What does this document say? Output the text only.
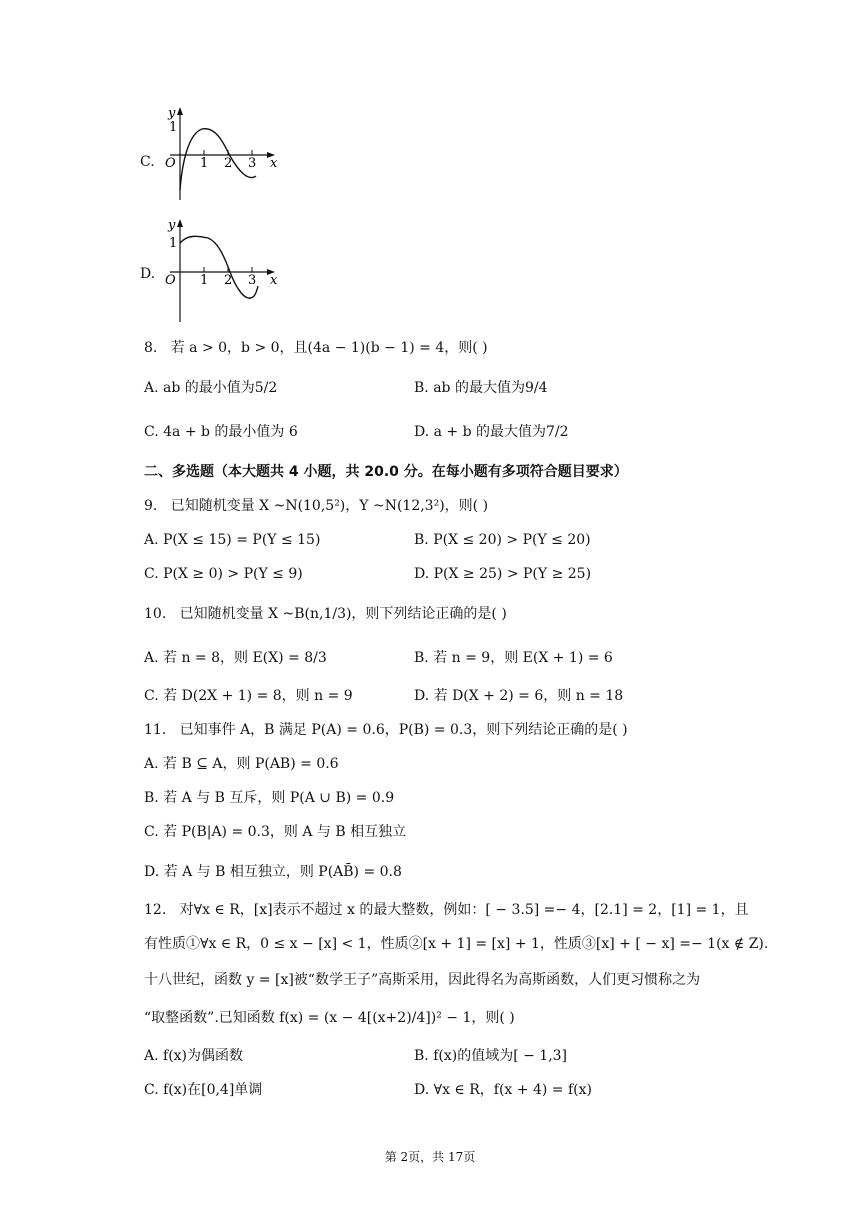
C.
y
1
O 1 2 3 x
D.
y
1
O 1 2 3 x
8. 若 a > 0，b > 0，且(4a − 1)(b − 1) = 4，则( )
A. ab 的最小值为5/2	B. ab 的最大值为9/4
C. 4a + b 的最小值为 6	D. a + b 的最大值为7/2
二、多选题（本大题共 4 小题，共 20.0 分。在每小题有多项符合题目要求）
9. 已知随机变量 X ~N(10,5²)，Y ~N(12,3²)，则( )
A. P(X ≤ 15) = P(Y ≤ 15)	B. P(X ≤ 20) > P(Y ≤ 20)
C. P(X ≥ 0) > P(Y ≤ 9)	D. P(X ≥ 25) > P(Y ≥ 25)
10. 已知随机变量 X ~B(n,1/3)，则下列结论正确的是( )
A. 若 n = 8，则 E(X) = 8/3	B. 若 n = 9，则 E(X + 1) = 6
C. 若 D(2X + 1) = 8，则 n = 9	D. 若 D(X + 2) = 6，则 n = 18
11. 已知事件 A，B 满足 P(A) = 0.6，P(B) = 0.3，则下列结论正确的是( )
A. 若 B ⊆ A，则 P(AB) = 0.6
B. 若 A 与 B 互斥，则 P(A ∪ B) = 0.9
C. 若 P(B|A) = 0.3，则 A 与 B 相互独立
D. 若 A 与 B 相互独立，则 P(AB̄) = 0.8
12. 对∀x ∈ R，[x]表示不超过 x 的最大整数，例如：[ − 3.5] =− 4，[2.1] = 2，[1] = 1，且
有性质①∀x ∈ R，0 ≤ x − [x] < 1，性质②[x + 1] = [x] + 1，性质③[x] + [ − x] =− 1(x ∉ Z).
十八世纪，函数 y = [x]被“数学王子”高斯采用，因此得名为高斯函数，人们更习惯称之为
“取整函数”.已知函数 f(x) = (x − 4[(x+2)/4])² − 1，则( )
A. f(x)为偶函数	B. f(x)的值域为[ − 1,3]
C. f(x)在[0,4]单调	D. ∀x ∈ R，f(x + 4) = f(x)
第 2页，共 17页
